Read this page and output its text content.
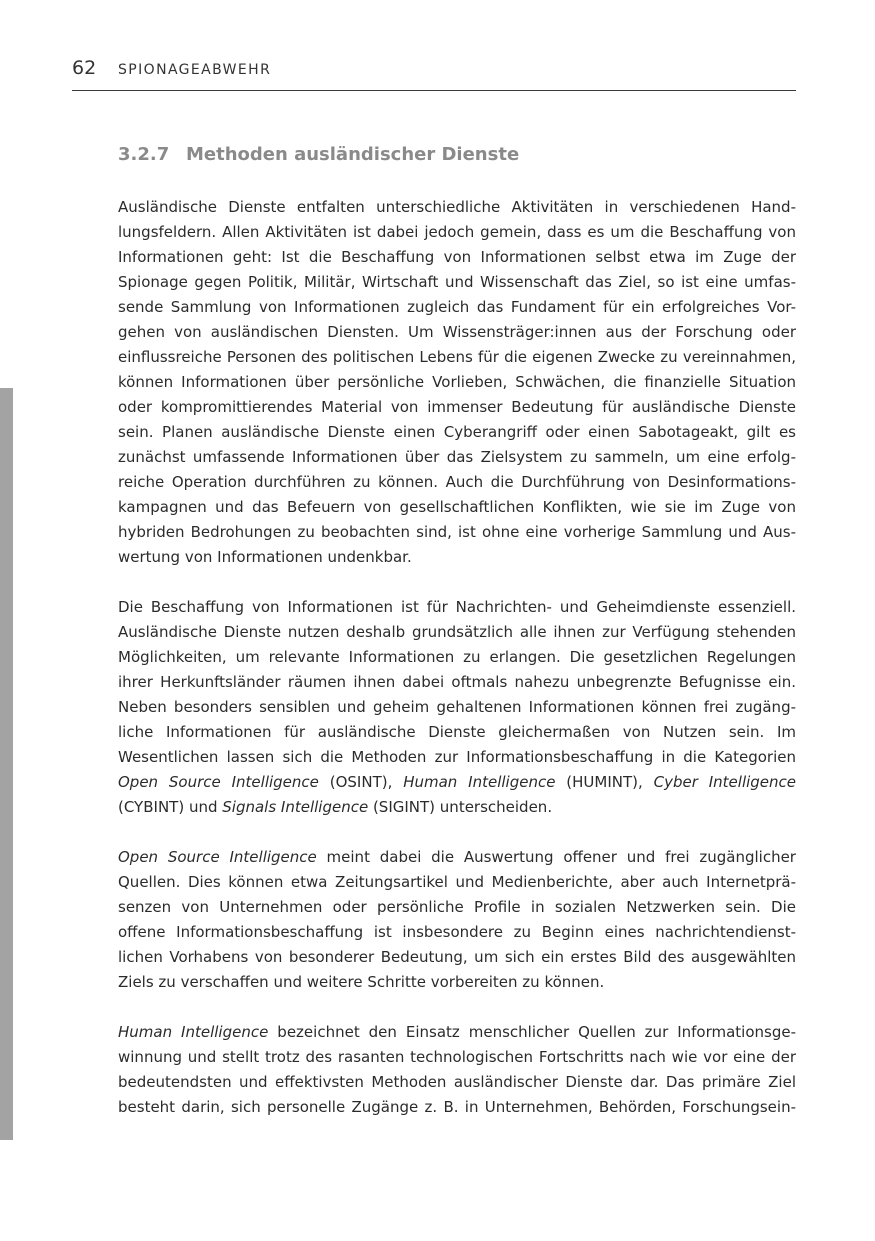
62 SPIONAGEABWEHR
3.2.7 Methoden ausländischer Dienste
Ausländische Dienste entfalten unterschiedliche Aktivitäten in verschiedenen Hand-
lungsfeldern. Allen Aktivitäten ist dabei jedoch gemein, dass es um die Beschaffung von
Informationen geht: Ist die Beschaffung von Informationen selbst etwa im Zuge der
Spionage gegen Politik, Militär, Wirtschaft und Wissenschaft das Ziel, so ist eine umfas-
sende Sammlung von Informationen zugleich das Fundament für ein erfolgreiches Vor-
gehen von ausländischen Diensten. Um Wissensträger:innen aus der Forschung oder
einflussreiche Personen des politischen Lebens für die eigenen Zwecke zu vereinnahmen,
können Informationen über persönliche Vorlieben, Schwächen, die finanzielle Situation
oder kompromittierendes Material von immenser Bedeutung für ausländische Dienste
sein. Planen ausländische Dienste einen Cyberangriff oder einen Sabotageakt, gilt es
zunächst umfassende Informationen über das Zielsystem zu sammeln, um eine erfolg-
reiche Operation durchführen zu können. Auch die Durchführung von Desinformations-
kampagnen und das Befeuern von gesellschaftlichen Konflikten, wie sie im Zuge von
hybriden Bedrohungen zu beobachten sind, ist ohne eine vorherige Sammlung und Aus-
wertung von Informationen undenkbar.
Die Beschaffung von Informationen ist für Nachrichten- und Geheimdienste essenziell.
Ausländische Dienste nutzen deshalb grundsätzlich alle ihnen zur Verfügung stehenden
Möglichkeiten, um relevante Informationen zu erlangen. Die gesetzlichen Regelungen
ihrer Herkunftsländer räumen ihnen dabei oftmals nahezu unbegrenzte Befugnisse ein.
Neben besonders sensiblen und geheim gehaltenen Informationen können frei zugäng-
liche Informationen für ausländische Dienste gleichermaßen von Nutzen sein. Im
Wesentlichen lassen sich die Methoden zur Informationsbeschaffung in die Kategorien
Open Source Intelligence (OSINT), Human Intelligence (HUMINT), Cyber Intelligence
(CYBINT) und Signals Intelligence (SIGINT) unterscheiden.
Open Source Intelligence meint dabei die Auswertung offener und frei zugänglicher
Quellen. Dies können etwa Zeitungsartikel und Medienberichte, aber auch Internetprä-
senzen von Unternehmen oder persönliche Profile in sozialen Netzwerken sein. Die
offene Informationsbeschaffung ist insbesondere zu Beginn eines nachrichtendienst-
lichen Vorhabens von besonderer Bedeutung, um sich ein erstes Bild des ausgewählten
Ziels zu verschaffen und weitere Schritte vorbereiten zu können.
Human Intelligence bezeichnet den Einsatz menschlicher Quellen zur Informationsge-
winnung und stellt trotz des rasanten technologischen Fortschritts nach wie vor eine der
bedeutendsten und effektivsten Methoden ausländischer Dienste dar. Das primäre Ziel
besteht darin, sich personelle Zugänge z. B. in Unternehmen, Behörden, Forschungsein-
